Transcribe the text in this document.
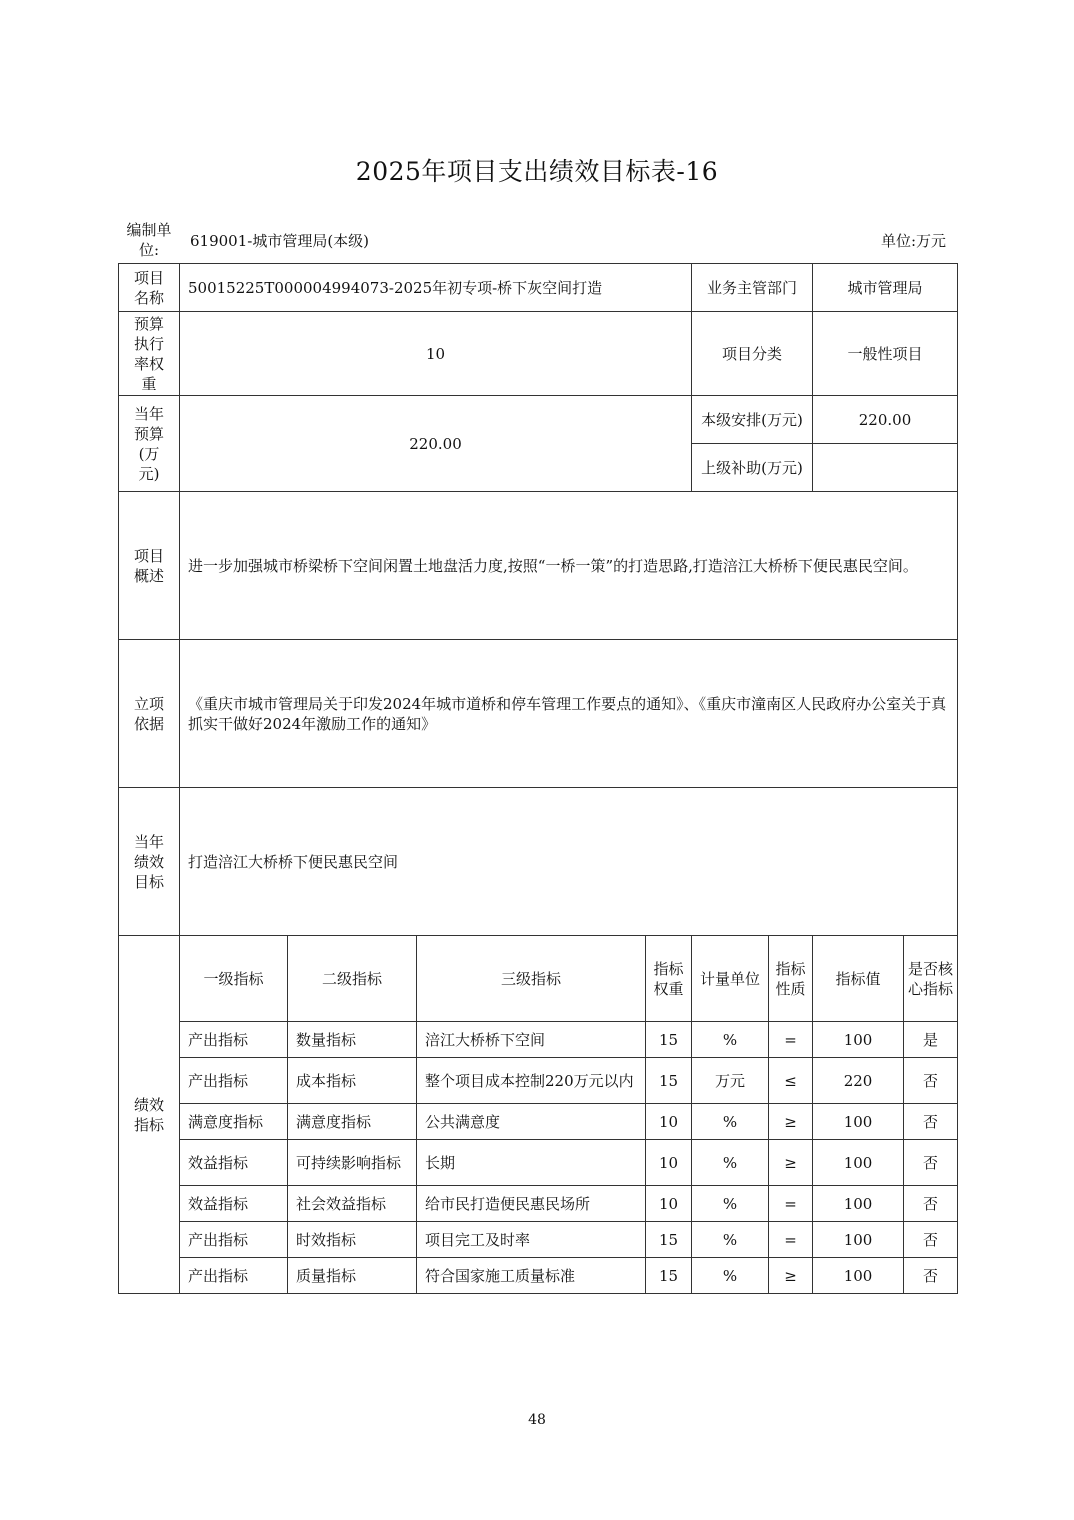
2025年项目支出绩效目标表-16
编制单位:	619001-城市管理局(本级)	单位:万元
项目名称	50015225T000004994073-2025年初专项-桥下灰空间打造				业务主管部门		城市管理局	
预算执行率权重	10				项目分类		一般性项目	
当年预算(万元)	220.00				本级安排(万元)		220.00	
					上级补助(万元)			
项目概述	进一步加强城市桥梁桥下空间闲置土地盘活力度,按照“一桥一策”的打造思路,打造涪江大桥桥下便民惠民空间。							
立项依据	《重庆市城市管理局关于印发2024年城市道桥和停车管理工作要点的通知》、《重庆市潼南区人民政府办公室关于真抓实干做好2024年激励工作的通知》							
当年绩效目标	打造涪江大桥桥下便民惠民空间							
绩效指标	一级指标	二级指标	三级指标	指标权重	计量单位	指标性质	指标值	是否核心指标
	产出指标	数量指标	涪江大桥桥下空间	15	%	=	100	是
	产出指标	成本指标	整个项目成本控制220万元以内	15	万元	≤	220	否
	满意度指标	满意度指标	公共满意度	10	%	≥	100	否
	效益指标	可持续影响指标	长期	10	%	≥	100	否
	效益指标	社会效益指标	给市民打造便民惠民场所	10	%	=	100	否
	产出指标	时效指标	项目完工及时率	15	%	=	100	否
	产出指标	质量指标	符合国家施工质量标准	15	%	≥	100	否
48
